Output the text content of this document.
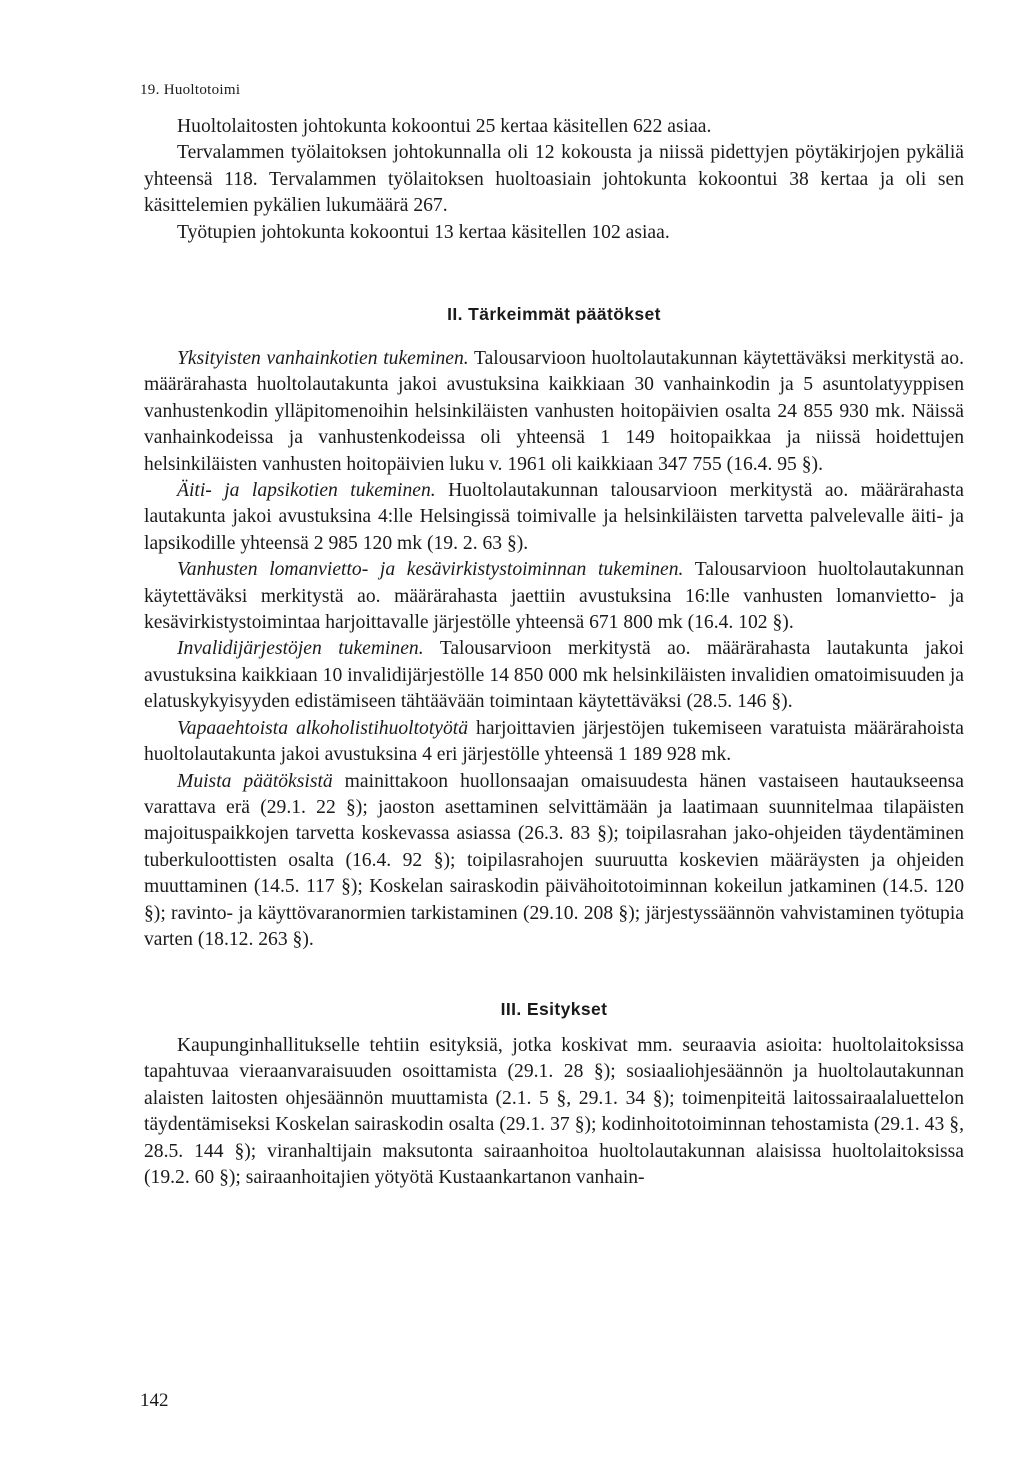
19. Huoltotoimi

Huoltolaitosten johtokunta kokoontui 25 kertaa käsitellen 622 asiaa.

Tervalammen työlaitoksen johtokunnalla oli 12 kokousta ja niissä pidettyjen pöytäkirjojen pykäliä yhteensä 118. Tervalammen työlaitoksen huoltoasiain johtokunta kokoontui 38 kertaa ja oli sen käsittelemien pykälien lukumäärä 267.

Työtupien johtokunta kokoontui 13 kertaa käsitellen 102 asiaa.

II. Tärkeimmät päätökset

Yksityisten vanhainkotien tukeminen. Talousarvioon huoltolautakunnan käytettäväksi merkitystä ao. määrärahasta huoltolautakunta jakoi avustuksina kaikkiaan 30 vanhainkodin ja 5 asuntolatyyppisen vanhustenkodin ylläpitomenoihin helsinkiläisten vanhusten hoitopäivien osalta 24 855 930 mk. Näissä vanhainkodeissa ja vanhustenkodeissa oli yhteensä 1 149 hoitopaikkaa ja niissä hoidettujen helsinkiläisten vanhusten hoitopäivien luku v. 1961 oli kaikkiaan 347 755 (16.4. 95 §).

Äiti- ja lapsikotien tukeminen. Huoltolautakunnan talousarvioon merkitystä ao. määrärahasta lautakunta jakoi avustuksina 4:lle Helsingissä toimivalle ja helsinkiläisten tarvetta palvelevalle äiti- ja lapsikodille yhteensä 2 985 120 mk (19. 2. 63 §).

Vanhusten lomanvietto- ja kesävirkistystoiminnan tukeminen. Talousarvioon huoltolautakunnan käytettäväksi merkitystä ao. määrärahasta jaettiin avustuksina 16:lle vanhusten lomanvietto- ja kesävirkistystoimintaa harjoittavalle järjestölle yhteensä 671 800 mk (16.4. 102 §).

Invalidijärjestöjen tukeminen. Talousarvioon merkitystä ao. määrärahasta lautakunta jakoi avustuksina kaikkiaan 10 invalidijärjestölle 14 850 000 mk helsinkiläisten invalidien omatoimisuuden ja elatuskykyisyyden edistämiseen tähtäävään toimintaan käytettäväksi (28.5. 146 §).

Vapaaehtoista alkoholistihuoltotyötä harjoittavien järjestöjen tukemiseen varatuista määrärahoista huoltolautakunta jakoi avustuksina 4 eri järjestölle yhteensä 1 189 928 mk.

Muista päätöksistä mainittakoon huollonsaajan omaisuudesta hänen vastaiseen hautaukseensa varattava erä (29.1. 22 §); jaoston asettaminen selvittämään ja laatimaan suunnitelmaa tilapäisten majoituspaikkojen tarvetta koskevassa asiassa (26.3. 83 §); toipilasrahan jako-ohjeiden täydentäminen tuberkuloottisten osalta (16.4. 92 §); toipilasrahojen suuruutta koskevien määräysten ja ohjeiden muuttaminen (14.5. 117 §); Koskelan sairaskodin päivähoitotoiminnan kokeilun jatkaminen (14.5. 120 §); ravinto- ja käyttövaranormien tarkistaminen (29.10. 208 §); järjestyssäännön vahvistaminen työtupia varten (18.12. 263 §).

III. Esitykset

Kaupunginhallitukselle tehtiin esityksiä, jotka koskivat mm. seuraavia asioita: huoltolaitoksissa tapahtuvaa vieraanvaraisuuden osoittamista (29.1. 28 §); sosiaaliohjesäännön ja huoltolautakunnan alaisten laitosten ohjesäännön muuttamista (2.1. 5 §, 29.1. 34 §); toimenpiteitä laitossairaalaluettelon täydentämiseksi Koskelan sairaskodin osalta (29.1. 37 §); kodinhoitotoiminnan tehostamista (29.1. 43 §, 28.5. 144 §); viranhaltijain maksutonta sairaanhoitoa huoltolautakunnan alaisissa huoltolaitoksissa (19.2. 60 §); sairaanhoitajien yötyötä Kustaankartanon vanhain-

142
